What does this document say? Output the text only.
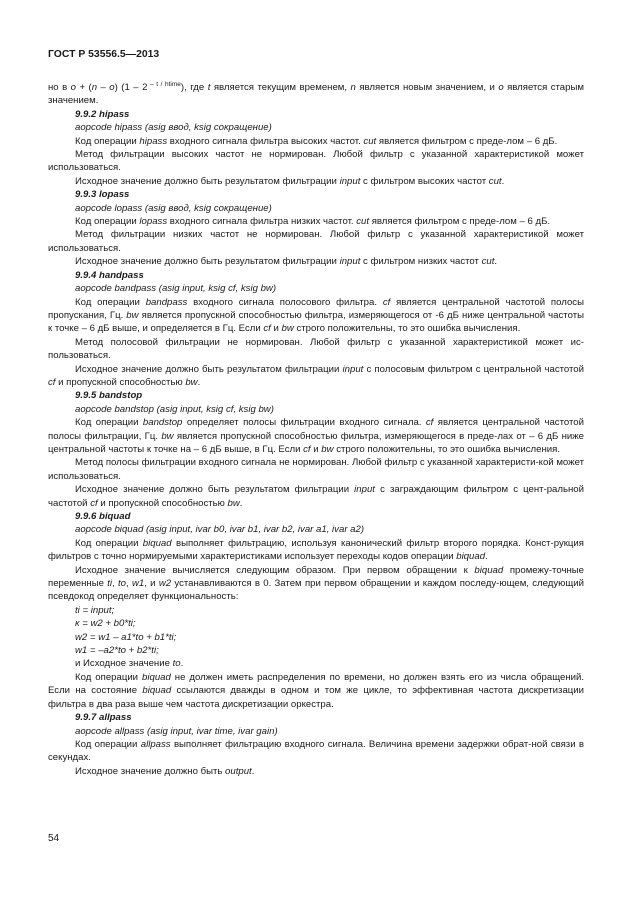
ГОСТ Р 53556.5—2013

но в o + (n – o) (1 – 2 $^{- t / htime}$), где t является текущим временем, n является новым значением, и o является старым значением.

9.9.2 hipass

aopcode hipass (asig ввод, ksig сокращение)

Код операции hipass входного сигнала фильтра высоких частот. cut является фильтром с преде-лом – 6 дБ.

Метод фильтрации высоких частот не нормирован. Любой фильтр с указанной характеристикой может использоваться.

Исходное значение должно быть результатом фильтрации input с фильтром высоких частот cut.

9.9.3 lopass

aopcode lopass (asig ввод, ksig сокращение)

Код операции lopass входного сигнала фильтра низких частот. cut является фильтром с преде-лом – 6 дБ.

Метод фильтрации низких частот не нормирован. Любой фильтр с указанной характеристикой может использоваться.

Исходное значение должно быть результатом фильтрации input с фильтром низких частот cut.

9.9.4 handpass

aopcode bandpass (asig input, ksig cf, ksig bw)

Код операции bandpass входного сигнала полосового фильтра. cf является центральной частотой полосы пропускания, Гц. bw является пропускной способностью фильтра, измеряющегося от -6 дБ ниже центральной частоты к точке – 6 дБ выше, и определяется в Гц. Если cf и bw строго положительны, то это ошибка вычисления.

Метод полосовой фильтрации не нормирован. Любой фильтр с указанной характеристикой может ис-пользоваться.

Исходное значение должно быть результатом фильтрации input с полосовым фильтром с центральной частотой cf и пропускной способностью bw.

9.9.5 bandstop

aopcode bandstop (asig input, ksig cf, ksig bw)

Код операции bandstop определяет полосы фильтрации входного сигнала. cf является центральной частотой полосы фильтрации, Гц. bw является пропускной способностью фильтра, измеряющегося в преде-лах от – 6 дБ ниже центральной частоты к точке на – 6 дБ выше, в Гц. Если cf и bw строго положительны, то это ошибка вычисления.

Метод полосы фильтрации входного сигнала не нормирован. Любой фильтр с указанной характеристи-кой может использоваться.

Исходное значение должно быть результатом фильтрации input с заграждающим фильтром с цент-ральной частотой cf и пропускной способностью bw.

9.9.6 biquad

aopcode biquad (asig input, ivar b0, ivar b1, ivar b2, ivar a1, ivar a2)

Код операции biquad выполняет фильтрацию, используя канонический фильтр второго порядка. Конст-рукция фильтров с точно нормируемыми характеристиками использует переходы кодов операции biquad.

Исходное значение вычисляется следующим образом. При первом обращении к biquad промежу-точные переменные ti, to, w1, и w2 устанавливаются в 0. Затем при первом обращении и каждом последу-ющем, следующий псевдокод определяет функциональность:

ti = input;

к = w2 + b0*ti;

w2 = w1 – a1*to + b1*ti;

w1 = –a2*to + b2*ti;

и Исходное значение to.

Код операции biquad не должен иметь распределения по времени, но должен взять его из числа обращений. Если на состояние biquad ссылаются дважды в одном и том же цикле, то эффективная частота дискретизации фильтра в два раза выше чем частота дискретизации оркестра.

9.9.7 allpass

aopcode allpass (asig input, ivar time, ivar gain)

Код операции allpass выполняет фильтрацию входного сигнала. Величина времени задержки обрат-ной связи в секундах.

Исходное значение должно быть output.

54
